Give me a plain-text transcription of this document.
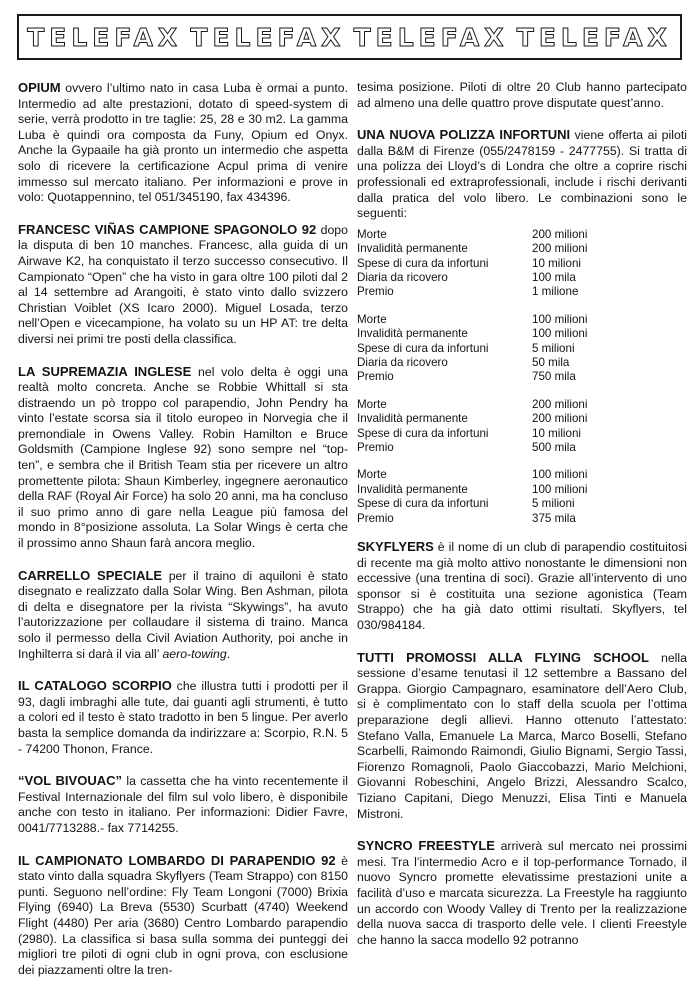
TELEFAX TELEFAX TELEFAX TELEFAX

OPIUM ovvero l’ultimo nato in casa Luba è ormai a punto. Intermedio ad alte prestazioni, dotato di speed-system di serie, verrà prodotto in tre taglie: 25, 28 e 30 m2. La gamma Luba è quindi ora composta da Funy, Opium ed Onyx. Anche la Gypaaile ha già pronto un intermedio che aspetta solo di ricevere la certificazione Acpul prima di venire immesso sul mercato italiano. Per informazioni e prove in volo: Quotappennino, tel 051/345190, fax 434396.

FRANCESC VIÑAS CAMPIONE SPAGONOLO 92 dopo la disputa di ben 10 manches. Francesc, alla guida di un Airwave K2, ha conquistato il terzo successo consecutivo. Il Campionato “Open” che ha visto in gara oltre 100 piloti dal 2 al 14 settembre ad Arangoiti, è stato vinto dallo svizzero Christian Voiblet (XS Icaro 2000). Miguel Losada, terzo nell’Open e vicecampione, ha volato su un HP AT: tre delta diversi nei primi tre posti della classifica.

LA SUPREMAZIA INGLESE nel volo delta è oggi una realtà molto concreta. Anche se Robbie Whittall si sta distraendo un pò troppo col parapendio, John Pendry ha vinto l’estate scorsa sia il titolo europeo in Norvegia che il premondiale in Owens Valley. Robin Hamilton e Bruce Goldsmith (Campione Inglese 92) sono sempre nel “top-ten”, e sembra che il British Team stia per ricevere un altro promettente pilota: Shaun Kimberley, ingegnere aeronautico della RAF (Royal Air Force) ha solo 20 anni, ma ha concluso il suo primo anno di gare nella League più famosa del mondo in 8°posizione assoluta. La Solar Wings è certa che il prossimo anno Shaun farà ancora meglio.

CARRELLO SPECIALE per il traino di aquiloni è stato disegnato e realizzato dalla Solar Wing. Ben Ashman, pilota di delta e disegnatore per la rivista “Skywings”, ha avuto l’autorizzazione per collaudare il sistema di traino. Manca solo il permesso della Civil Aviation Authority, poi anche in Inghilterra si darà il via all’ aero-towing.

IL CATALOGO SCORPIO che illustra tutti i prodotti per il 93, dagli imbraghi alle tute, dai guanti agli strumenti, è tutto a colori ed il testo è stato tradotto in ben 5 lingue. Per averlo basta la semplice domanda da indirizzare a: Scorpio, R.N. 5 - 74200 Thonon, France.

“VOL BIVOUAC” la cassetta che ha vinto recentemente il Festival Internazionale del film sul volo libero, è disponibile anche con testo in italiano. Per informazioni: Didier Favre, 0041/7713288.- fax 7714255.

IL CAMPIONATO LOMBARDO DI PARAPENDIO 92 è stato vinto dalla squadra Skyflyers (Team Strappo) con 8150 punti. Seguono nell’ordine: Fly Team Longoni (7000) Brixia Flying (6940) La Breva (5530) Scurbatt (4740) Weekend Flight (4480) Per aria (3680) Centro Lombardo parapendio (2980). La classifica si basa sulla somma dei punteggi dei migliori tre piloti di ogni club in ogni prova, con esclusione dei piazzamenti oltre la tren-

tesima posizione. Piloti di oltre 20 Club hanno partecipato ad almeno una delle quattro prove disputate quest’anno.

UNA NUOVA POLIZZA INFORTUNI viene offerta ai piloti dalla B&M di Firenze (055/2478159 - 2477755). Si tratta di una polizza dei Lloyd’s di Londra che oltre a coprire rischi professionali ed extraprofessionali, include i rischi derivanti dalla pratica del volo libero. Le combinazioni sono le seguenti:

Morte	200 milioni
Invalidità permanente	200 milioni
Spese di cura da infortuni	10 milioni
Diaria da ricovero	100 mila
Premio	1 milione
Morte	100 milioni
Invalidità permanente	100 milioni
Spese di cura da infortuni	5 milioni
Diaria da ricovero	50 mila
Premio	750 mila
Morte	200 milioni
Invalidità permanente	200 milioni
Spese di cura da infortuni	10 milioni
Premio	500 mila
Morte	100 milioni
Invalidità permanente	100 milioni
Spese di cura da infortuni	5 milioni
Premio	375 mila

SKYFLYERS è il nome di un club di parapendio costituitosi di recente ma già molto attivo nonostante le dimensioni non eccessive (una trentina di soci). Grazie all’intervento di uno sponsor si è costituita una sezione agonistica (Team Strappo) che ha già dato ottimi risultati. Skyflyers, tel 030/984184.

TUTTI PROMOSSI ALLA FLYING SCHOOL nella sessione d’esame tenutasi il 12 settembre a Bassano del Grappa. Giorgio Campagnaro, esaminatore dell’Aero Club, si è complimentato con lo staff della scuola per l’ottima preparazione degli allievi. Hanno ottenuto l’attestato: Stefano Valla, Emanuele La Marca, Marco Boselli, Stefano Scarbelli, Raimondo Raimondi, Giulio Bignami, Sergio Tassi, Fiorenzo Romagnoli, Paolo Giaccobazzi, Mario Melchioni, Giovanni Robeschini, Angelo Brizzi, Alessandro Scalco, Tiziano Capitani, Diego Menuzzi, Elisa Tinti e Manuela Mistroni.

SYNCRO FREESTYLE arriverà sul mercato nei prossimi mesi. Tra l’intermedio Acro e il top-performance Tornado, il nuovo Syncro promette elevatissime prestazioni unite a facilità d’uso e marcata sicurezza. La Freestyle ha raggiunto un accordo con Woody Valley di Trento per la realizzazione della nuova sacca di trasporto delle vele. I clienti Freestyle che hanno la sacca modello 92 potranno
